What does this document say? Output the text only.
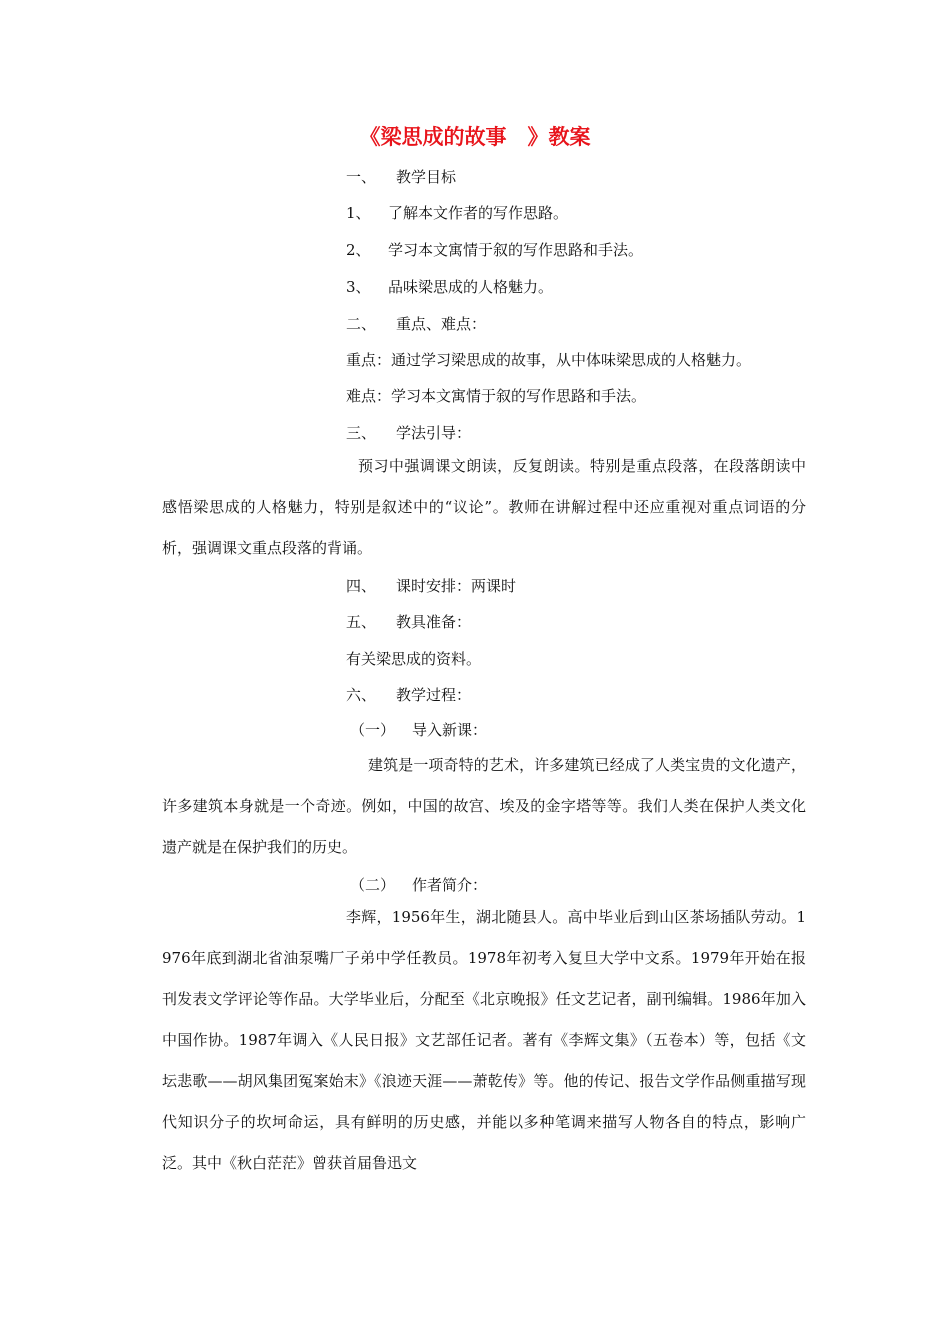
《梁思成的故事　》教案
一、 教学目标
1、 了解本文作者的写作思路。
2、 学习本文寓情于叙的写作思路和手法。
3、 品味梁思成的人格魅力。
二、 重点、难点：
重点：通过学习梁思成的故事，从中体味梁思成的人格魅力。
难点：学习本文寓情于叙的写作思路和手法。
三、 学法引导：
预习中强调课文朗读，反复朗读。特别是重点段落，在段落朗读中感悟梁思成的人格魅力，特别是叙述中的“议论”。教师在讲解过程中还应重视对重点词语的分析，强调课文重点段落的背诵。
四、 课时安排：两课时
五、 教具准备：
有关梁思成的资料。
六、 教学过程：
（一） 导入新课：
建筑是一项奇特的艺术，许多建筑已经成了人类宝贵的文化遗产，许多建筑本身就是一个奇迹。例如，中国的故宫、埃及的金字塔等等。我们人类在保护人类文化遗产就是在保护我们的历史。
（二） 作者简介：
李辉，1956年生，湖北随县人。高中毕业后到山区茶场插队劳动。1976年底到湖北省油泵嘴厂子弟中学任教员。1978年初考入复旦大学中文系。1979年开始在报刊发表文学评论等作品。大学毕业后，分配至《北京晚报》任文艺记者，副刊编辑。1986年加入中国作协。1987年调入《人民日报》文艺部任记者。著有《李辉文集》（五卷本）等，包括《文坛悲歌——胡风集团冤案始末》《浪迹天涯——萧乾传》等。他的传记、报告文学作品侧重描写现代知识分子的坎坷命运，具有鲜明的历史感，并能以多种笔调来描写人物各自的特点，影响广泛。其中《秋白茫茫》曾获首届鲁迅文
